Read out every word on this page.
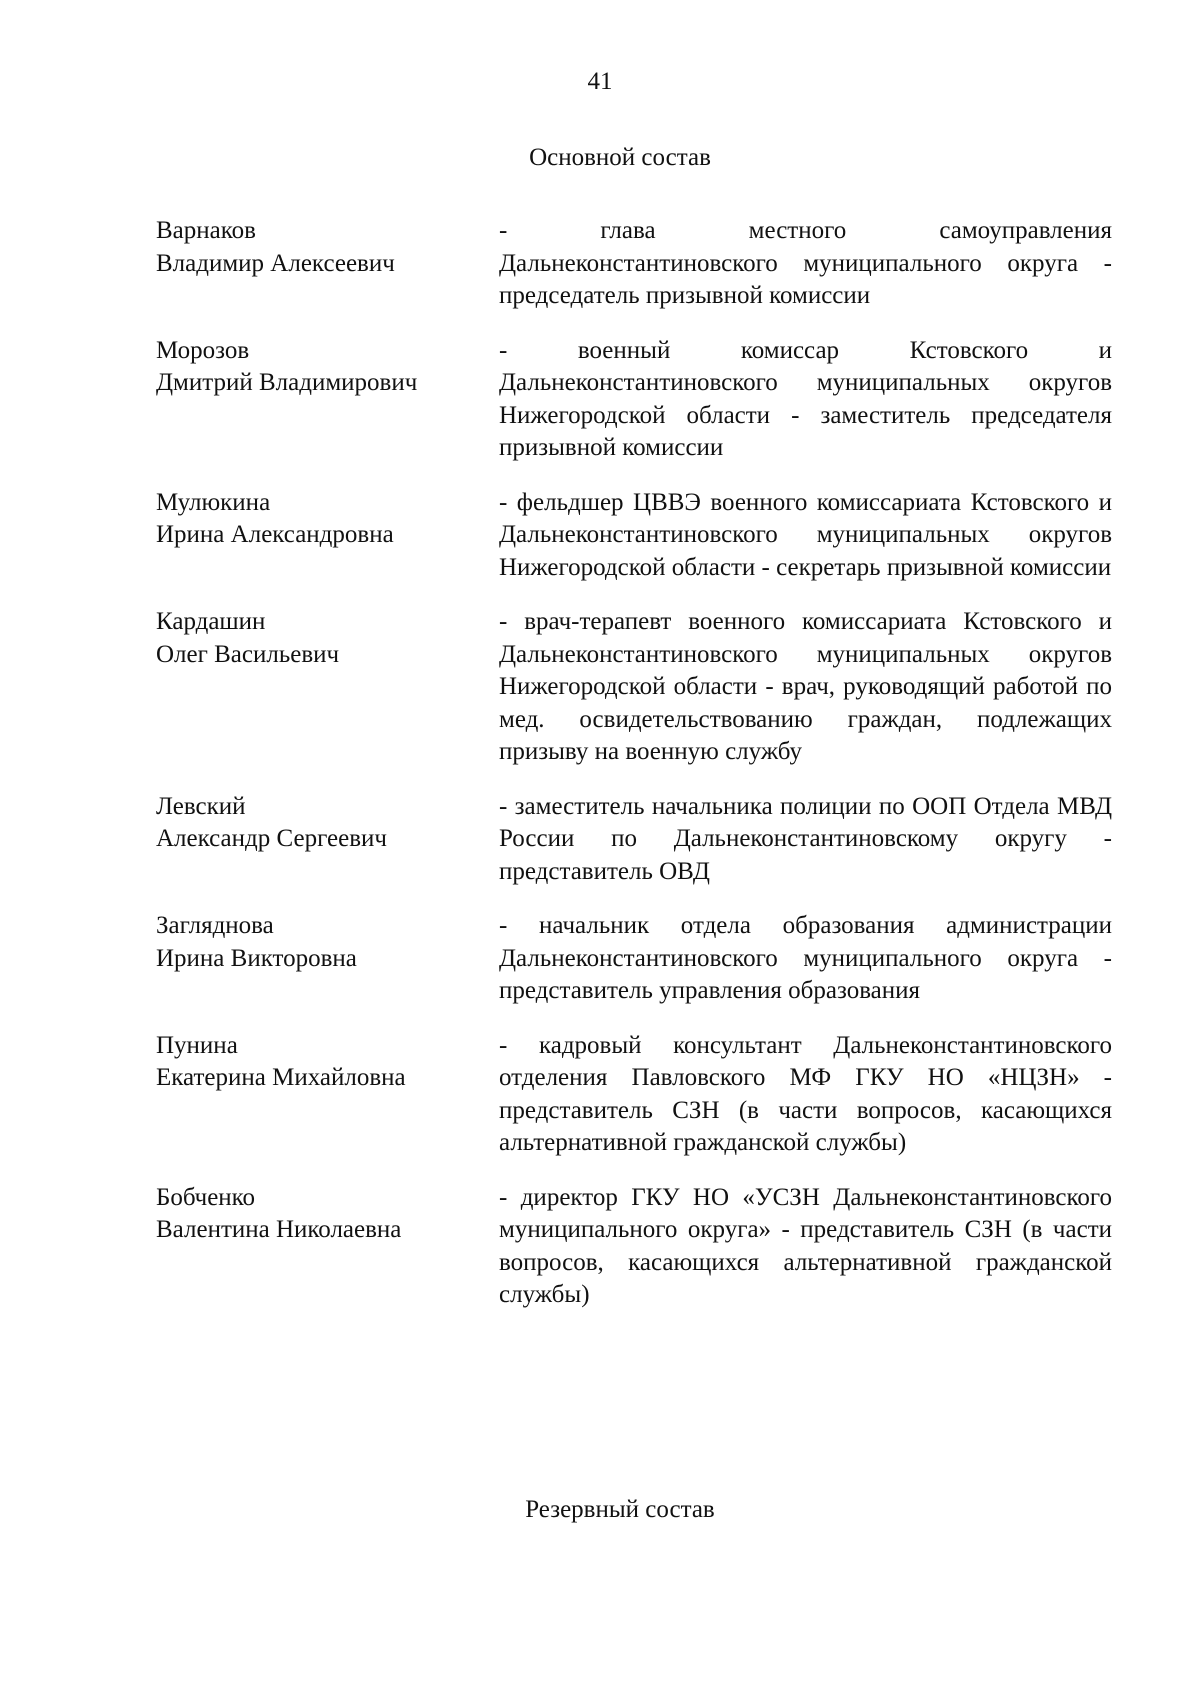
41
Основной состав
Варнаков
Владимир Алексеевич
- глава местного самоуправления Дальнеконстантиновского муниципального округа - председатель призывной комиссии
Морозов
Дмитрий Владимирович
- военный комиссар Кстовского и Дальнеконстантиновского муниципальных округов Нижегородской области - заместитель председателя призывной комиссии
Мулюкина
Ирина Александровна
- фельдшер ЦВВЭ военного комиссариата Кстовского и Дальнеконстантиновского муниципальных округов Нижегородской области - секретарь призывной комиссии
Кардашин
Олег Васильевич
- врач-терапевт военного комиссариата Кстовского и Дальнеконстантиновского муниципальных округов Нижегородской области - врач, руководящий работой по мед. освидетельствованию граждан, подлежащих призыву на военную службу
Левский
Александр Сергеевич
- заместитель начальника полиции по ООП Отдела МВД России по Дальнеконстантиновскому округу - представитель ОВД
Загляднова
Ирина Викторовна
- начальник отдела образования администрации Дальнеконстантиновского муниципального округа - представитель управления образования
Пунина
Екатерина Михайловна
- кадровый консультант Дальнеконстантиновского отделения Павловского МФ ГКУ НО «НЦЗН» - представитель СЗН (в части вопросов, касающихся альтернативной гражданской службы)
Бобченко
Валентина Николаевна
- директор ГКУ НО «УСЗН Дальнеконстантиновского муниципального округа» - представитель СЗН (в части вопросов, касающихся альтернативной гражданской службы)
Резервный состав
